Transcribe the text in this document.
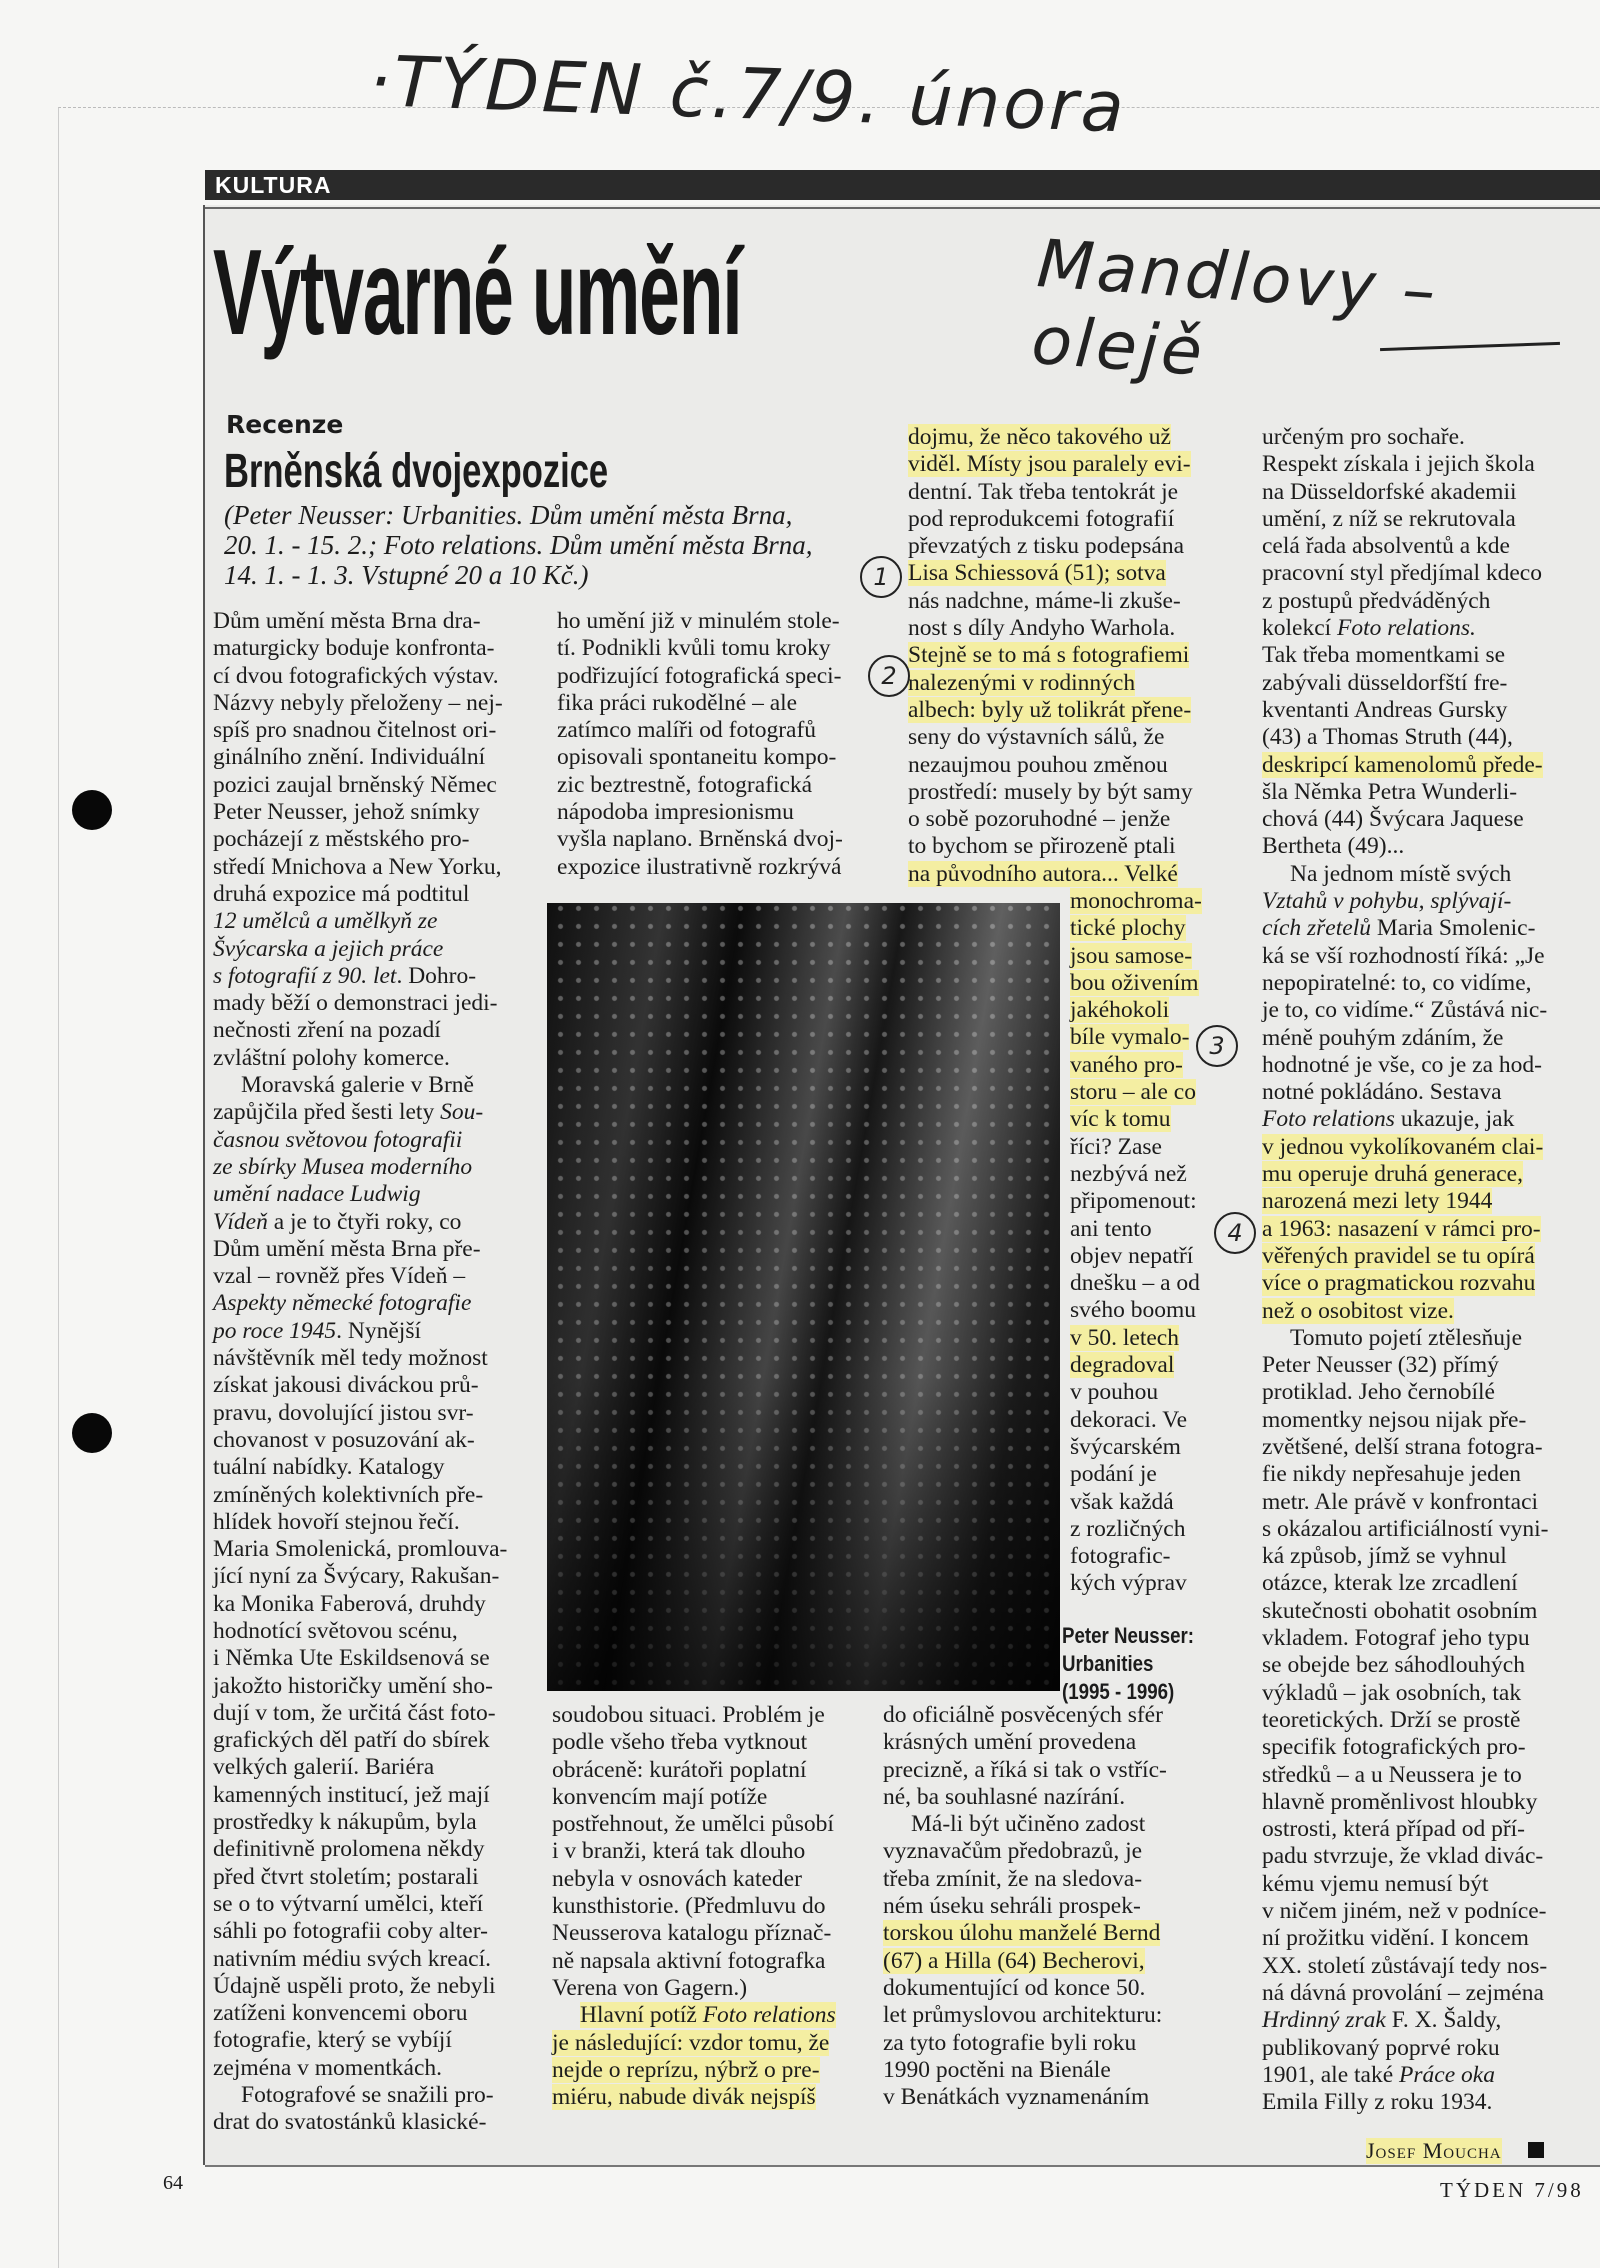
·TÝDEN č.7/9. února
KULTURA
Výtvarné umění	Mandlovy – olejě
Recenze
Brněnská dvojexpozice
(Peter Neusser: Urbanities. Dům umění města Brna,
20. 1. - 15. 2.; Foto relations. Dům umění města Brna,
14. 1. - 1. 3. Vstupné 20 a 10 Kč.)
Dům umění města Brna dra-
maturgicky boduje konfronta-
cí dvou fotografických výstav.
Názvy nebyly přeloženy – nej-
spíš pro snadnou čitelnost ori-
ginálního znění. Individuální
pozici zaujal brněnský Němec
Peter Neusser, jehož snímky
pocházejí z městského pro-
středí Mnichova a New Yorku,
druhá expozice má podtitul
12 umělců a umělkyň ze
Švýcarska a jejich práce
s fotografií z 90. let. Dohro-
mady běží o demonstraci jedi-
nečnosti zření na pozadí
zvláštní polohy komerce.
Moravská galerie v Brně
zapůjčila před šesti lety Sou-
časnou světovou fotografii
ze sbírky Musea moderního
umění nadace Ludwig
Vídeň a je to čtyři roky, co
Dům umění města Brna pře-
vzal – rovněž přes Vídeň –
Aspekty německé fotografie
po roce 1945. Nynější
návštěvník měl tedy možnost
získat jakousi diváckou prů-
pravu, dovolující jistou svr-
chovanost v posuzování ak-
tuální nabídky. Katalogy
zmíněných kolektivních pře-
hlídek hovoří stejnou řečí.
Maria Smolenická, promlouva-
jící nyní za Švýcary, Rakušan-
ka Monika Faberová, druhdy
hodnotící světovou scénu,
i Němka Ute Eskildsenová se
jakožto historičky umění sho-
dují v tom, že určitá část foto-
grafických děl patří do sbírek
velkých galerií. Bariéra
kamenných institucí, jež mají
prostředky k nákupům, byla
definitivně prolomena někdy
před čtvrt stoletím; postarali
se o to výtvarní umělci, kteří
sáhli po fotografii coby alter-
nativním médiu svých kreací.
Údajně uspěli proto, že nebyli
zatíženi konvencemi oboru
fotografie, který se vybíjí
zejména v momentkách.
Fotografové se snažili pro-
drat do svatostánků klasické-
ho umění již v minulém stole-
tí. Podnikli kvůli tomu kroky
podřizující fotografická speci-
fika práci rukodělné – ale
zatímco malíři od fotografů
opisovali spontaneitu kompo-
zic beztrestně, fotografická
nápodoba impresionismu
vyšla naplano. Brněnská dvoj-
expozice ilustrativně rozkrývá
soudobou situaci. Problém je
podle všeho třeba vytknout
obráceně: kurátoři poplatní
konvencím mají potíže
postřehnout, že umělci působí
i v branži, která tak dlouho
nebyla v osnovách kateder
kunsthistorie. (Předmluvu do
Neusserova katalogu příznač-
ně napsala aktivní fotografka
Verena von Gagern.)
Hlavní potíž Foto relations
je následující: vzdor tomu, že
nejde o reprízu, nýbrž o pre-
miéru, nabude divák nejspíš
dojmu, že něco takového už
viděl. Místy jsou paralely evi-
dentní. Tak třeba tentokrát je
pod reprodukcemi fotografií
převzatých z tisku podepsána
Lisa Schiessová (51); sotva
nás nadchne, máme-li zkuše-
nost s díly Andyho Warhola.
Stejně se to má s fotografiemi
nalezenými v rodinných
albech: byly už tolikrát přene-
seny do výstavních sálů, že
nezaujmou pouhou změnou
prostředí: musely by být samy
o sobě pozoruhodné – jenže
to bychom se přirozeně ptali
na původního autora... Velké
monochroma-
tické plochy
jsou samose-
bou oživením
jakéhokoli
bíle vymalo-
vaného pro-
storu – ale co
víc k tomu
říci? Zase
nezbývá než
připomenout:
ani tento
objev nepatří
dnešku – a od
svého boomu
v 50. letech
degradoval
v pouhou
dekoraci. Ve
švýcarském
podání je
však každá
z rozličných
fotografic-
kých výprav
Peter Neusser:
Urbanities
(1995 - 1996)
do oficiálně posvěcených sfér
krásných umění provedena
precizně, a říká si tak o vstříc-
né, ba souhlasné nazírání.
Má-li být učiněno zadost
vyznavačům předobrazů, je
třeba zmínit, že na sledova-
ném úseku sehráli prospek-
torskou úlohu manželé Bernd
(67) a Hilla (64) Becherovi,
dokumentující od konce 50.
let průmyslovou architekturu:
za tyto fotografie byli roku
1990 poctěni na Bienále
v Benátkách vyznamenáním
určeným pro sochaře.
Respekt získala i jejich škola
na Düsseldorfské akademii
umění, z níž se rekrutovala
celá řada absolventů a kde
pracovní styl předjímal kdeco
z postupů předváděných
kolekcí Foto relations.
Tak třeba momentkami se
zabývali düsseldorfští fre-
kventanti Andreas Gursky
(43) a Thomas Struth (44),
deskripcí kamenolomů přede-
šla Němka Petra Wunderli-
chová (44) Švýcara Jaquese
Bertheta (49)...
Na jednom místě svých
Vztahů v pohybu, splývají-
cích zřetelů Maria Smolenic-
ká se vší rozhodností říká: „Je
nepopiratelné: to, co vidíme,
je to, co vidíme.“ Zůstává nic-
méně pouhým zdáním, že
hodnotné je vše, co je za hod-
notné pokládáno. Sestava
Foto relations ukazuje, jak
v jednou vykolíkovaném clai-
mu operuje druhá generace,
narozená mezi lety 1944
a 1963: nasazení v rámci pro-
věřených pravidel se tu opírá
více o pragmatickou rozvahu
než o osobitost vize.
Tomuto pojetí ztělesňuje
Peter Neusser (32) přímý
protiklad. Jeho černobílé
momentky nejsou nijak pře-
zvětšené, delší strana fotogra-
fie nikdy nepřesahuje jeden
metr. Ale právě v konfrontaci
s okázalou artificiálností vyni-
ká způsob, jímž se vyhnul
otázce, kterak lze zrcadlení
skutečnosti obohatit osobním
vkladem. Fotograf jeho typu
se obejde bez sáhodlouhých
výkladů – jak osobních, tak
teoretických. Drží se prostě
specifik fotografických pro-
středků – a u Neussera je to
hlavně proměnlivost hloubky
ostrosti, která případ od pří-
padu stvrzuje, že vklad divác-
kému vjemu nemusí být
v ničem jiném, než v podníce-
ní prožitku vidění. I koncem
XX. století zůstávají tedy nos-
ná dávná provolání – zejména
Hrdinný zrak F. X. Šaldy,
publikovaný poprvé roku
1901, ale také Práce oka
Emila Filly z roku 1934.
Josef Moucha
64	TÝDEN 7/98
1
2
3
4
